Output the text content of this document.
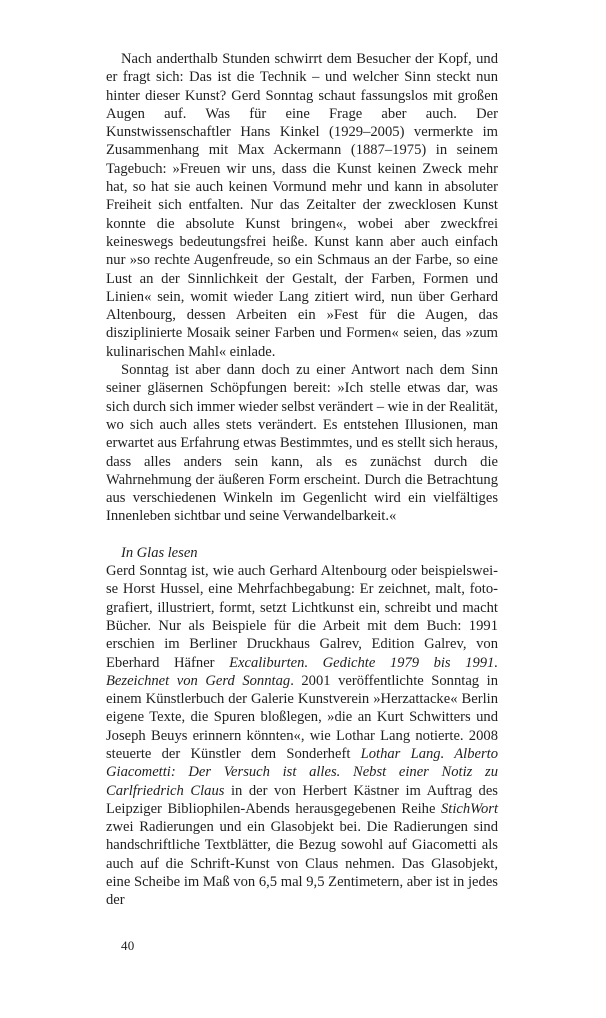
Nach anderthalb Stunden schwirrt dem Besucher der Kopf, und er fragt sich: Das ist die Technik – und welcher Sinn steckt nun hinter dieser Kunst? Gerd Sonntag schaut fassungslos mit großen Augen auf. Was für eine Frage aber auch. Der Kunstwissenschaftler Hans Kinkel (1929–2005) vermerkte im Zusammenhang mit Max Ackermann (1887–1975) in seinem Tagebuch: »Freuen wir uns, dass die Kunst keinen Zweck mehr hat, so hat sie auch keinen Vormund mehr und kann in absoluter Freiheit sich entfalten. Nur das Zeitalter der zwecklosen Kunst konnte die absolute Kunst bringen«, wobei aber zweckfrei keineswegs bedeutungsfrei heiße. Kunst kann aber auch einfach nur »so rechte Augenfreude, so ein Schmaus an der Farbe, so eine Lust an der Sinnlichkeit der Gestalt, der Farben, Formen und Linien« sein, womit wieder Lang zitiert wird, nun über Gerhard Altenbourg, dessen Arbeiten ein »Fest für die Augen, das disziplinierte Mosaik seiner Farben und Formen« seien, das »zum kulinarischen Mahl« einlade.

Sonntag ist aber dann doch zu einer Antwort nach dem Sinn seiner gläsernen Schöpfungen bereit: »Ich stelle etwas dar, was sich durch sich immer wieder selbst verändert – wie in der Realität, wo sich auch alles stets verändert. Es entstehen Illusionen, man erwartet aus Erfahrung etwas Bestimmtes, und es stellt sich heraus, dass alles anders sein kann, als es zunächst durch die Wahrnehmung der äußeren Form erscheint. Durch die Betrachtung aus verschiedenen Winkeln im Gegenlicht wird ein vielfältiges Innenleben sichtbar und seine Verwandelbarkeit.«

In Glas lesen

Gerd Sonntag ist, wie auch Gerhard Altenbourg oder beispielsweise Horst Hussel, eine Mehrfachbegabung: Er zeichnet, malt, fotografiert, illustriert, formt, setzt Lichtkunst ein, schreibt und macht Bücher. Nur als Beispiele für die Arbeit mit dem Buch: 1991 erschien im Berliner Druckhaus Galrev, Edition Galrev, von Eberhard Häfner Excaliburten. Gedichte 1979 bis 1991. Bezeichnet von Gerd Sonntag. 2001 veröffentlichte Sonntag in einem Künstlerbuch der Galerie Kunstverein »Herzattacke« Berlin eigene Texte, die Spuren bloßlegen, »die an Kurt Schwitters und Joseph Beuys erinnern könnten«, wie Lothar Lang notierte. 2008 steuerte der Künstler dem Sonderheft Lothar Lang. Alberto Giacometti: Der Versuch ist alles. Nebst einer Notiz zu Carlfriedrich Claus in der von Herbert Kästner im Auftrag des Leipziger Bibliophilen-Abends herausgegebenen Reihe StichWort zwei Radierungen und ein Glasobjekt bei. Die Radierungen sind handschriftliche Textblätter, die Bezug sowohl auf Giacometti als auch auf die Schrift-Kunst von Claus nehmen. Das Glasobjekt, eine Scheibe im Maß von 6,5 mal 9,5 Zentimetern, aber ist in jedes der

40
